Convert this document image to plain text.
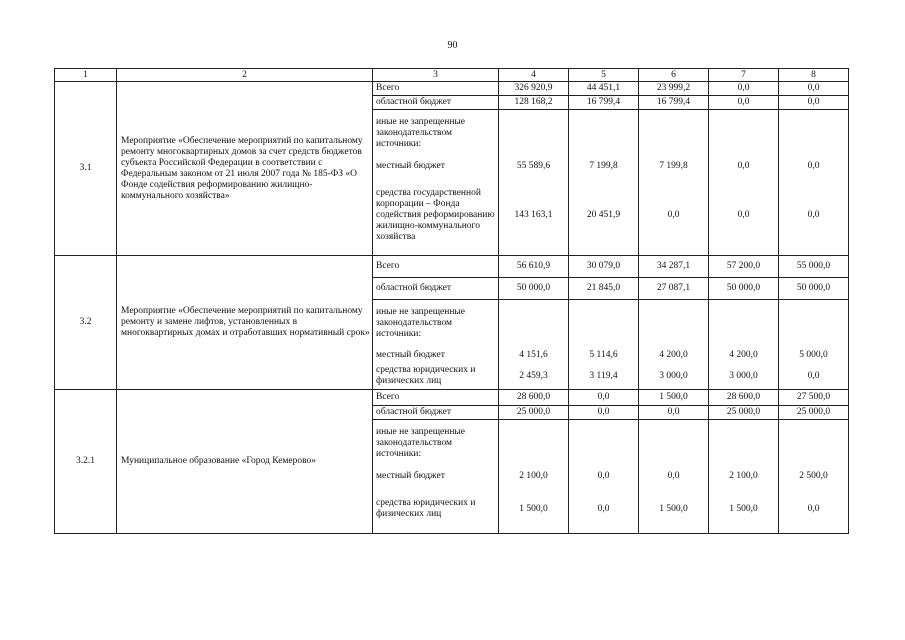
90
1	2	3	4	5	6	7	8
3.1	Мероприятие «Обеспечение мероприятий по капитальному ремонту многоквартирных домов за счет средств бюджетов субъекта Российской Федерации в соответствии с Федеральным законом от 21 июля 2007 года № 185-ФЗ «О Фонде содействия реформированию жилищно-коммунального хозяйства»	Всего	326 920,9	44 451,1	23 999,2	0,0	0,0
		областной бюджет	128 168,2	16 799,4	16 799,4	0,0	0,0
		иные не запрещенные законодательством источники:					
		местный бюджет	55 589,6	7 199,8	7 199,8	0,0	0,0
		средства государственной корпорации – Фонда содействия реформированию жилищно-коммунального хозяйства	143 163,1	20 451,9	0,0	0,0	0,0
3.2	Мероприятие «Обеспечение мероприятий по капитальному ремонту и замене лифтов, установленных в многоквартирных домах и отработавших нормативный срок»	Всего	56 610,9	30 079,0	34 287,1	57 200,0	55 000,0
		областной бюджет	50 000,0	21 845,0	27 087,1	50 000,0	50 000,0
		иные не запрещенные законодательством источники:					
		местный бюджет	4 151,6	5 114,6	4 200,0	4 200,0	5 000,0
		средства юридических и физических лиц	2 459,3	3 119,4	3 000,0	3 000,0	0,0
3.2.1	Муниципальное образование «Город Кемерово»	Всего	28 600,0	0,0	1 500,0	28 600,0	27 500,0
		областной бюджет	25 000,0	0,0	0,0	25 000,0	25 000,0
		иные не запрещенные законодательством источники:					
		местный бюджет	2 100,0	0,0	0,0	2 100,0	2 500,0
		средства юридических и физических лиц	1 500,0	0,0	1 500,0	1 500,0	0,0
